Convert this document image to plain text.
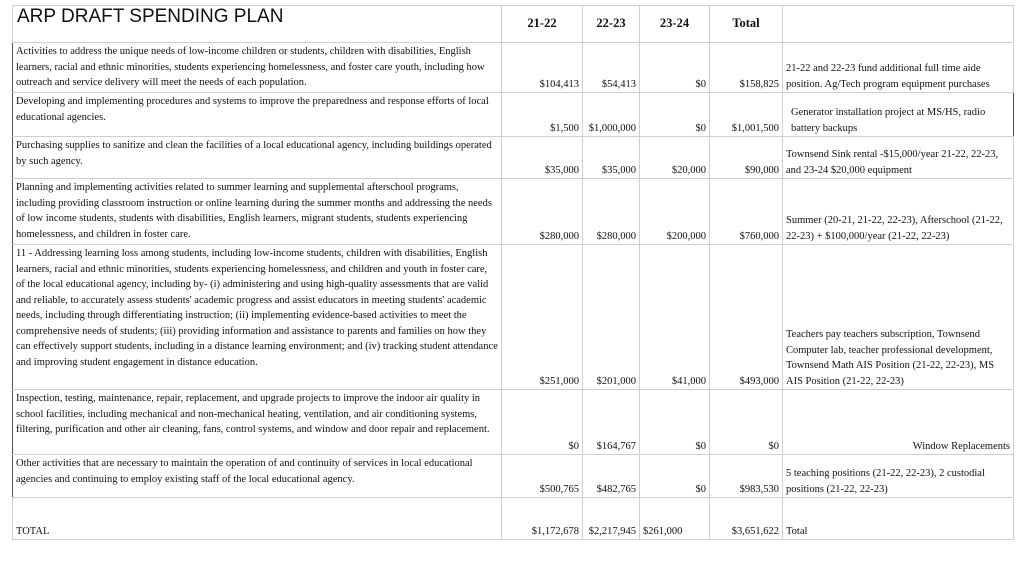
ARP DRAFT SPENDING PLAN	21-22	22-23	23-24	Total	
Activities to address the unique needs of low-income children or students, children with disabilities, English learners, racial and ethnic minorities, students experiencing homelessness, and foster care youth, including how outreach and service delivery will meet the needs of each population.	$104,413	$54,413	$0	$158,825	21-22 and 22-23 fund additional full time aide position. Ag/Tech program equipment purchases
Developing and implementing procedures and systems to improve the preparedness and response efforts of local educational agencies.	$1,500	$1,000,000	$0	$1,001,500	Generator installation project at MS/HS, radio battery backups
Purchasing supplies to sanitize and clean the facilities of a local educational agency, including buildings operated by such agency.	$35,000	$35,000	$20,000	$90,000	Townsend Sink rental -$15,000/year 21-22, 22-23, and 23-24 $20,000 equipment
Planning and implementing activities related to summer learning and supplemental afterschool programs, including providing classroom instruction or online learning during the summer months and addressing the needs of low income students, students with disabilities, English learners, migrant students, students experiencing homelessness, and children in foster care.	$280,000	$280,000	$200,000	$760,000	Summer (20-21, 21-22, 22-23), Afterschool (21-22, 22-23) + $100,000/year (21-22, 22-23)
11 - Addressing learning loss among students, including low-income students, children with disabilities, English learners, racial and ethnic minorities, students experiencing homelessness, and children and youth in foster care, of the local educational agency, including by- (i) administering and using high-quality assessments that are valid and reliable, to accurately assess students' academic progress and assist educators in meeting students' academic needs, including through differentiating instruction; (ii) implementing evidence-based activities to meet the comprehensive needs of students; (iii) providing information and assistance to parents and families on how they can effectively support students, including in a distance learning environment; and (iv) tracking student attendance and improving student engagement in distance education.	$251,000	$201,000	$41,000	$493,000	Teachers pay teachers subscription, Townsend Computer lab, teacher professional development, Townsend Math AIS Position (21-22, 22-23), MS AIS Position (21-22, 22-23)
Inspection, testing, maintenance, repair, replacement, and upgrade projects to improve the indoor air quality in school facilities, including mechanical and non-mechanical heating, ventilation, and air conditioning systems, filtering, purification and other air cleaning, fans, control systems, and window and door repair and replacement.	$0	$164,767	$0	$0	Window Replacements
Other activities that are necessary to maintain the operation of and continuity of services in local educational agencies and continuing to employ existing staff of the local educational agency.	$500,765	$482,765	$0	$983,530	5 teaching positions (21-22, 22-23), 2 custodial positions (21-22, 22-23)
TOTAL	$1,172,678	$2,217,945	$261,000	$3,651,622	Total
